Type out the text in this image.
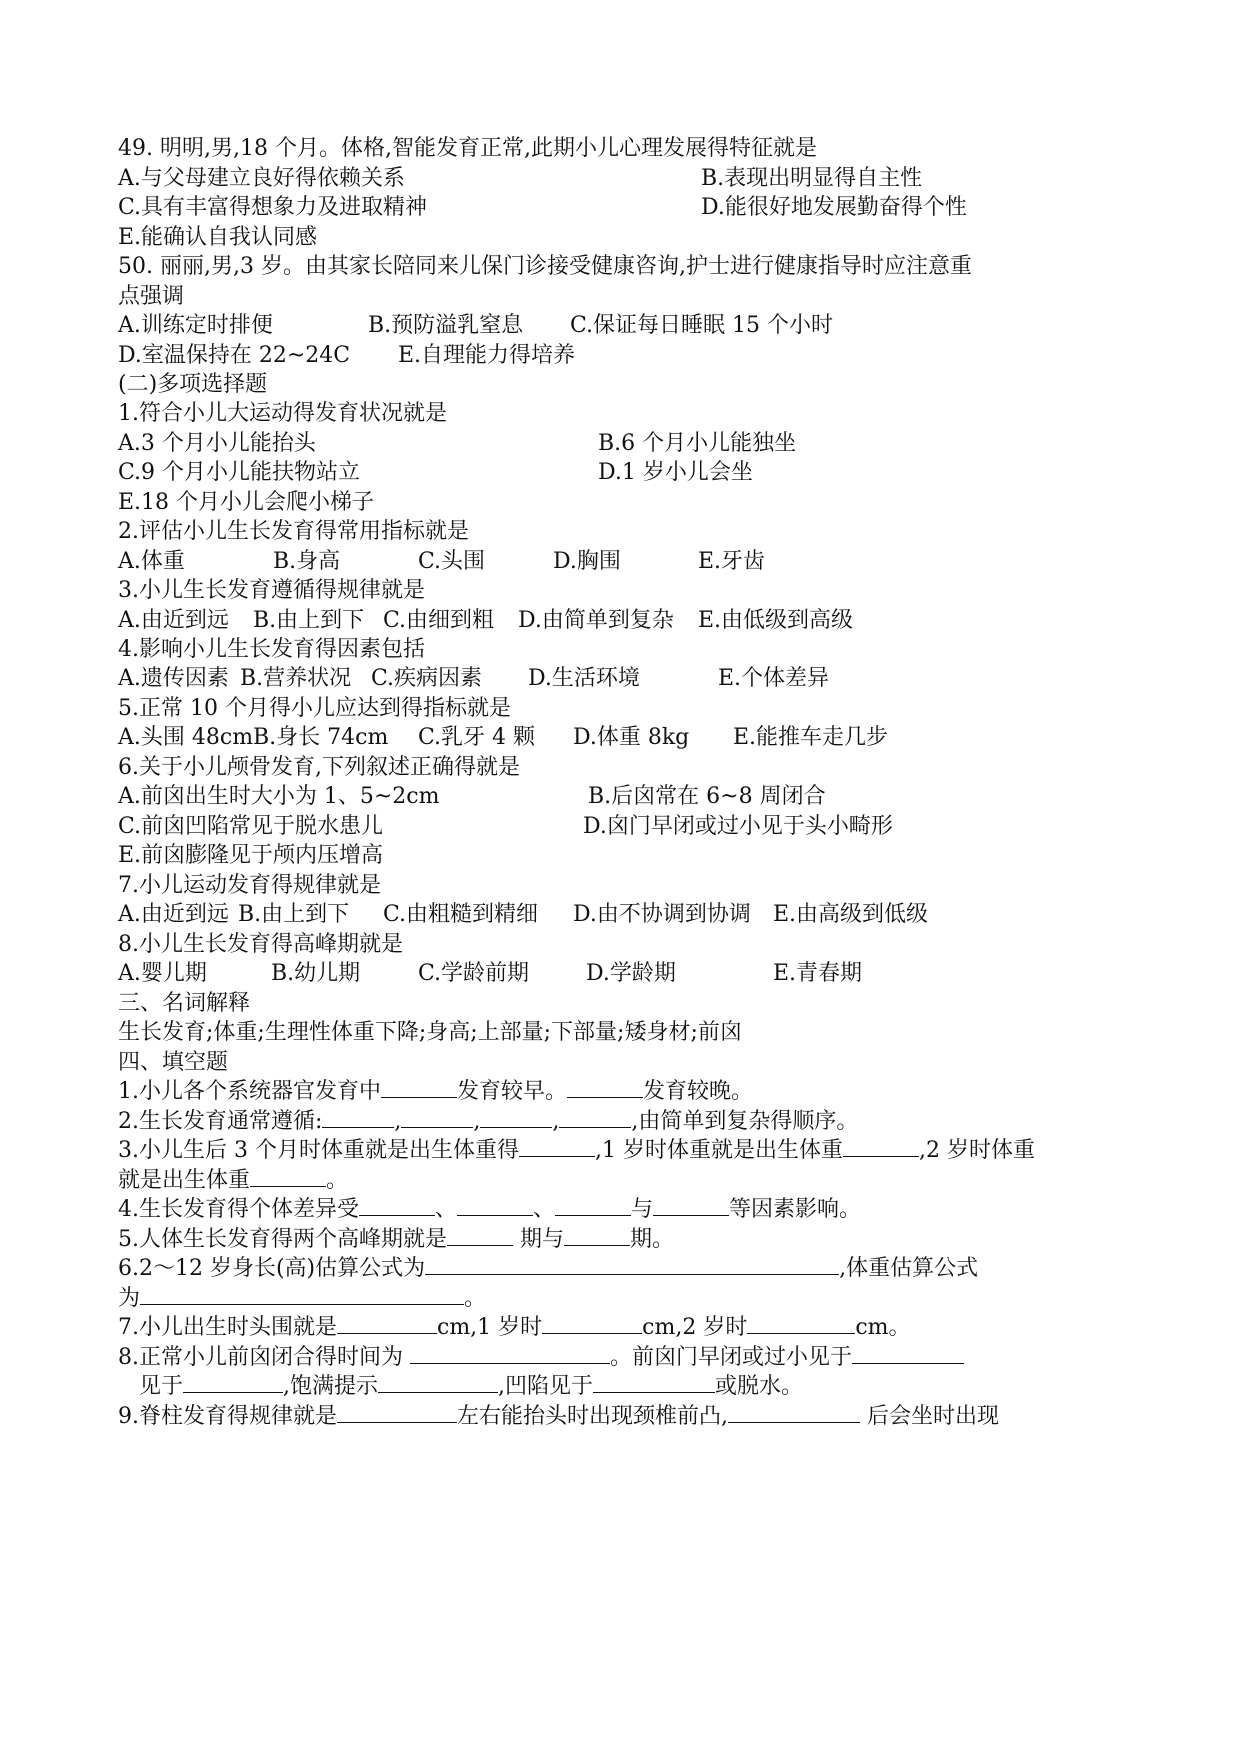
49. 明明,男,18 个月。体格,智能发育正常,此期小儿心理发展得特征就是
A.与父母建立良好得依赖关系	B.表现出明显得自主性
C.具有丰富得想象力及进取精神	D.能很好地发展勤奋得个性
E.能确认自我认同感
50. 丽丽,男,3 岁。由其家长陪同来儿保门诊接受健康咨询,护士进行健康指导时应注意重
点强调
A.训练定时排便	B.预防溢乳窒息 C.保证每日睡眠 15 个小时
D.室温保持在 22~24C E.自理能力得培养
(二)多项选择题
1.符合小儿大运动得发育状况就是
A.3 个月小儿能抬头	B.6 个月小儿能独坐
C.9 个月小儿能扶物站立	D.1 岁小儿会坐
E.18 个月小儿会爬小梯子
2.评估小儿生长发育得常用指标就是
A.体重	B.身高	C.头围	D.胸围	E.牙齿
3.小儿生长发育遵循得规律就是
A.由近到远 B.由上到下 C.由细到粗 D.由简单到复杂 E.由低级到高级
4.影响小儿生长发育得因素包括
A.遗传因素 B.营养状况 C.疾病因素 D.生活环境	E.个体差异
5.正常 10 个月得小儿应达到得指标就是
A.头围 48cm B.身长 74cm C.乳牙 4 颗 D.体重 8kg E.能推车走几步
6.关于小儿颅骨发育,下列叙述正确得就是
A.前囟出生时大小为 1、5~2cm	B.后囟常在 6~8 周闭合
C.前囟凹陷常见于脱水患儿	D.囟门早闭或过小见于头小畸形
E.前囟膨隆见于颅内压增高
7.小儿运动发育得规律就是
A.由近到远 B.由上到下 C.由粗糙到精细 D.由不协调到协调 E.由高级到低级
8.小儿生长发育得高峰期就是
A.婴儿期	B.幼儿期	C.学龄前期	D.学龄期	E.青春期
三、名词解释
生长发育;体重;生理性体重下降;身高;上部量;下部量;矮身材;前囟
四、填空题
1.小儿各个系统器官发育中	发育较早。	发育较晚。
2.生长发育通常遵循:	,	,	,	,由简单到复杂得顺序。
3.小儿生后 3 个月时体重就是出生体重得	,1 岁时体重就是出生体重	,2 岁时体重
就是出生体重	。
4.生长发育得个体差异受	、	、	与	等因素影响。
5.人体生长发育得两个高峰期就是	期与	期。
6.2～12 岁身长(高)估算公式为	,体重估算公式
为	。
7.小儿出生时头围就是	cm,1 岁时	cm,2 岁时	cm。
8.正常小儿前囟闭合得时间为	。前囟门早闭或过小见于
见于	,饱满提示	,凹陷见于	或脱水。
9.脊柱发育得规律就是	左右能抬头时出现颈椎前凸,	后会坐时出现
